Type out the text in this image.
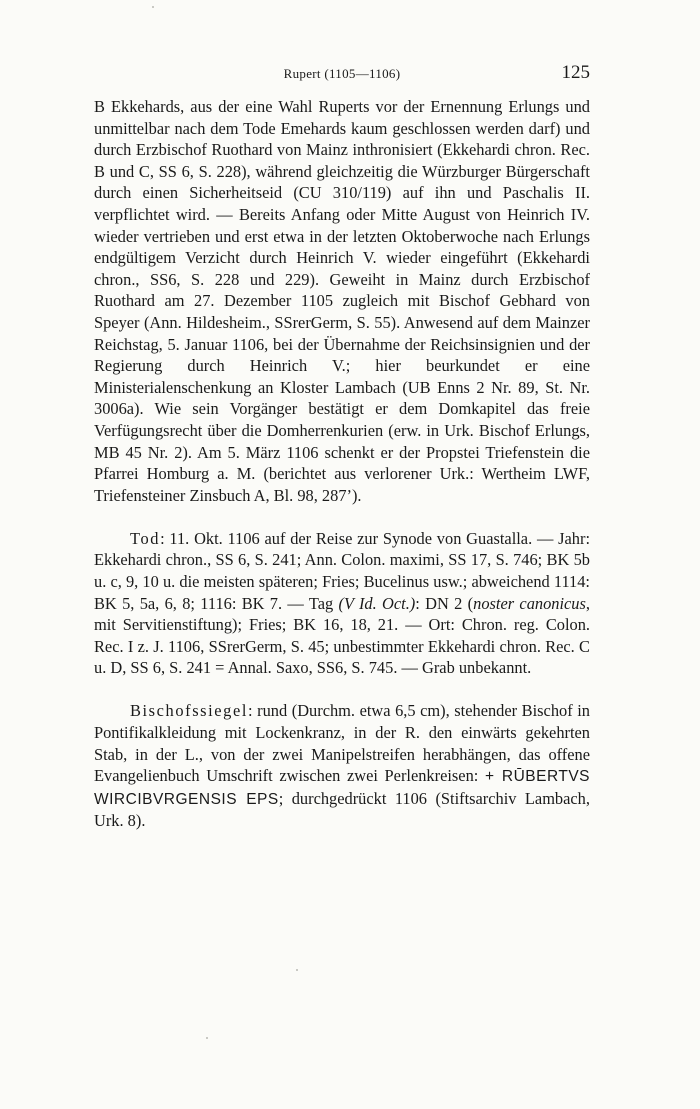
Rupert (1105—1106)	125

B Ekkehards, aus der eine Wahl Ruperts vor der Ernennung Erlungs und unmittelbar nach dem Tode Emehards kaum geschlossen werden darf) und durch Erzbischof Ruothard von Mainz inthronisiert (Ekkehardi chron. Rec. B und C, SS 6, S. 228), während gleichzeitig die Würzburger Bürgerschaft durch einen Sicherheitseid (CU 310/119) auf ihn und Paschalis II. verpflichtet wird. — Bereits Anfang oder Mitte August von Heinrich IV. wieder vertrieben und erst etwa in der letzten Oktoberwoche nach Erlungs endgültigem Verzicht durch Heinrich V. wieder eingeführt (Ekkehardi chron., SS6, S. 228 und 229). Geweiht in Mainz durch Erzbischof Ruothard am 27. Dezember 1105 zugleich mit Bischof Gebhard von Speyer (Ann. Hildesheim., SSrerGerm, S. 55). Anwesend auf dem Mainzer Reichstag, 5. Januar 1106, bei der Übernahme der Reichsinsignien und der Regierung durch Heinrich V.; hier beurkundet er eine Ministerialenschenkung an Kloster Lambach (UB Enns 2 Nr. 89, St. Nr. 3006a). Wie sein Vorgänger bestätigt er dem Domkapitel das freie Verfügungsrecht über die Domherrenkurien (erw. in Urk. Bischof Erlungs, MB 45 Nr. 2). Am 5. März 1106 schenkt er der Propstei Triefenstein die Pfarrei Homburg a. M. (berichtet aus verlorener Urk.: Wertheim LWF, Triefensteiner Zinsbuch A, Bl. 98, 287’).

Tod: 11. Okt. 1106 auf der Reise zur Synode von Guastalla. — Jahr: Ekkehardi chron., SS 6, S. 241; Ann. Colon. maximi, SS 17, S. 746; BK 5b u. c, 9, 10 u. die meisten späteren; Fries; Bucelinus usw.; abweichend 1114: BK 5, 5a, 6, 8; 1116: BK 7. — Tag (V Id. Oct.): DN 2 (noster canonicus, mit Servitienstiftung); Fries; BK 16, 18, 21. — Ort: Chron. reg. Colon. Rec. I z. J. 1106, SSrerGerm, S. 45; unbestimmter Ekkehardi chron. Rec. C u. D, SS 6, S. 241 = Annal. Saxo, SS6, S. 745. — Grab unbekannt.

Bischofssiegel: rund (Durchm. etwa 6,5 cm), stehender Bischof in Pontifikalkleidung mit Lockenkranz, in der R. den einwärts gekehrten Stab, in der L., von der zwei Manipelstreifen herabhängen, das offene Evangelienbuch Umschrift zwischen zwei Perlenkreisen: + RŪBERTVS WIRCIBVRGENSIS EPS; durchgedrückt 1106 (Stiftsarchiv Lambach, Urk. 8).
